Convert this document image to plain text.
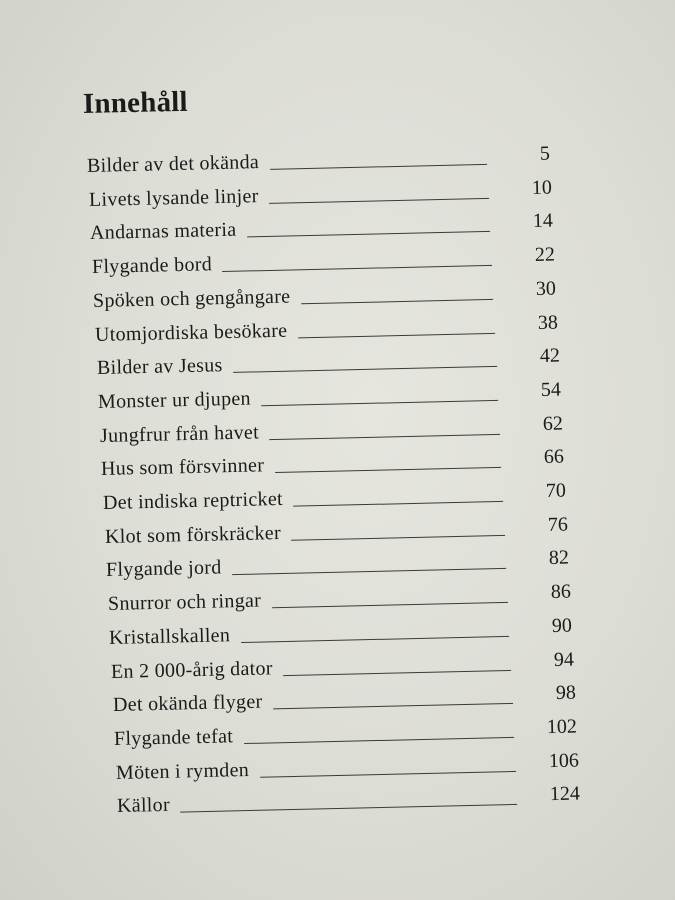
Innehåll
Bilder av det okända	5
Livets lysande linjer	10
Andarnas materia	14
Flygande bord	22
Spöken och gengångare	30
Utomjordiska besökare	38
Bilder av Jesus	42
Monster ur djupen	54
Jungfrur från havet	62
Hus som försvinner	66
Det indiska reptricket	70
Klot som förskräcker	76
Flygande jord	82
Snurror och ringar	86
Kristallskallen	90
En 2 000-årig dator	94
Det okända flyger	98
Flygande tefat	102
Möten i rymden	106
Källor	124
